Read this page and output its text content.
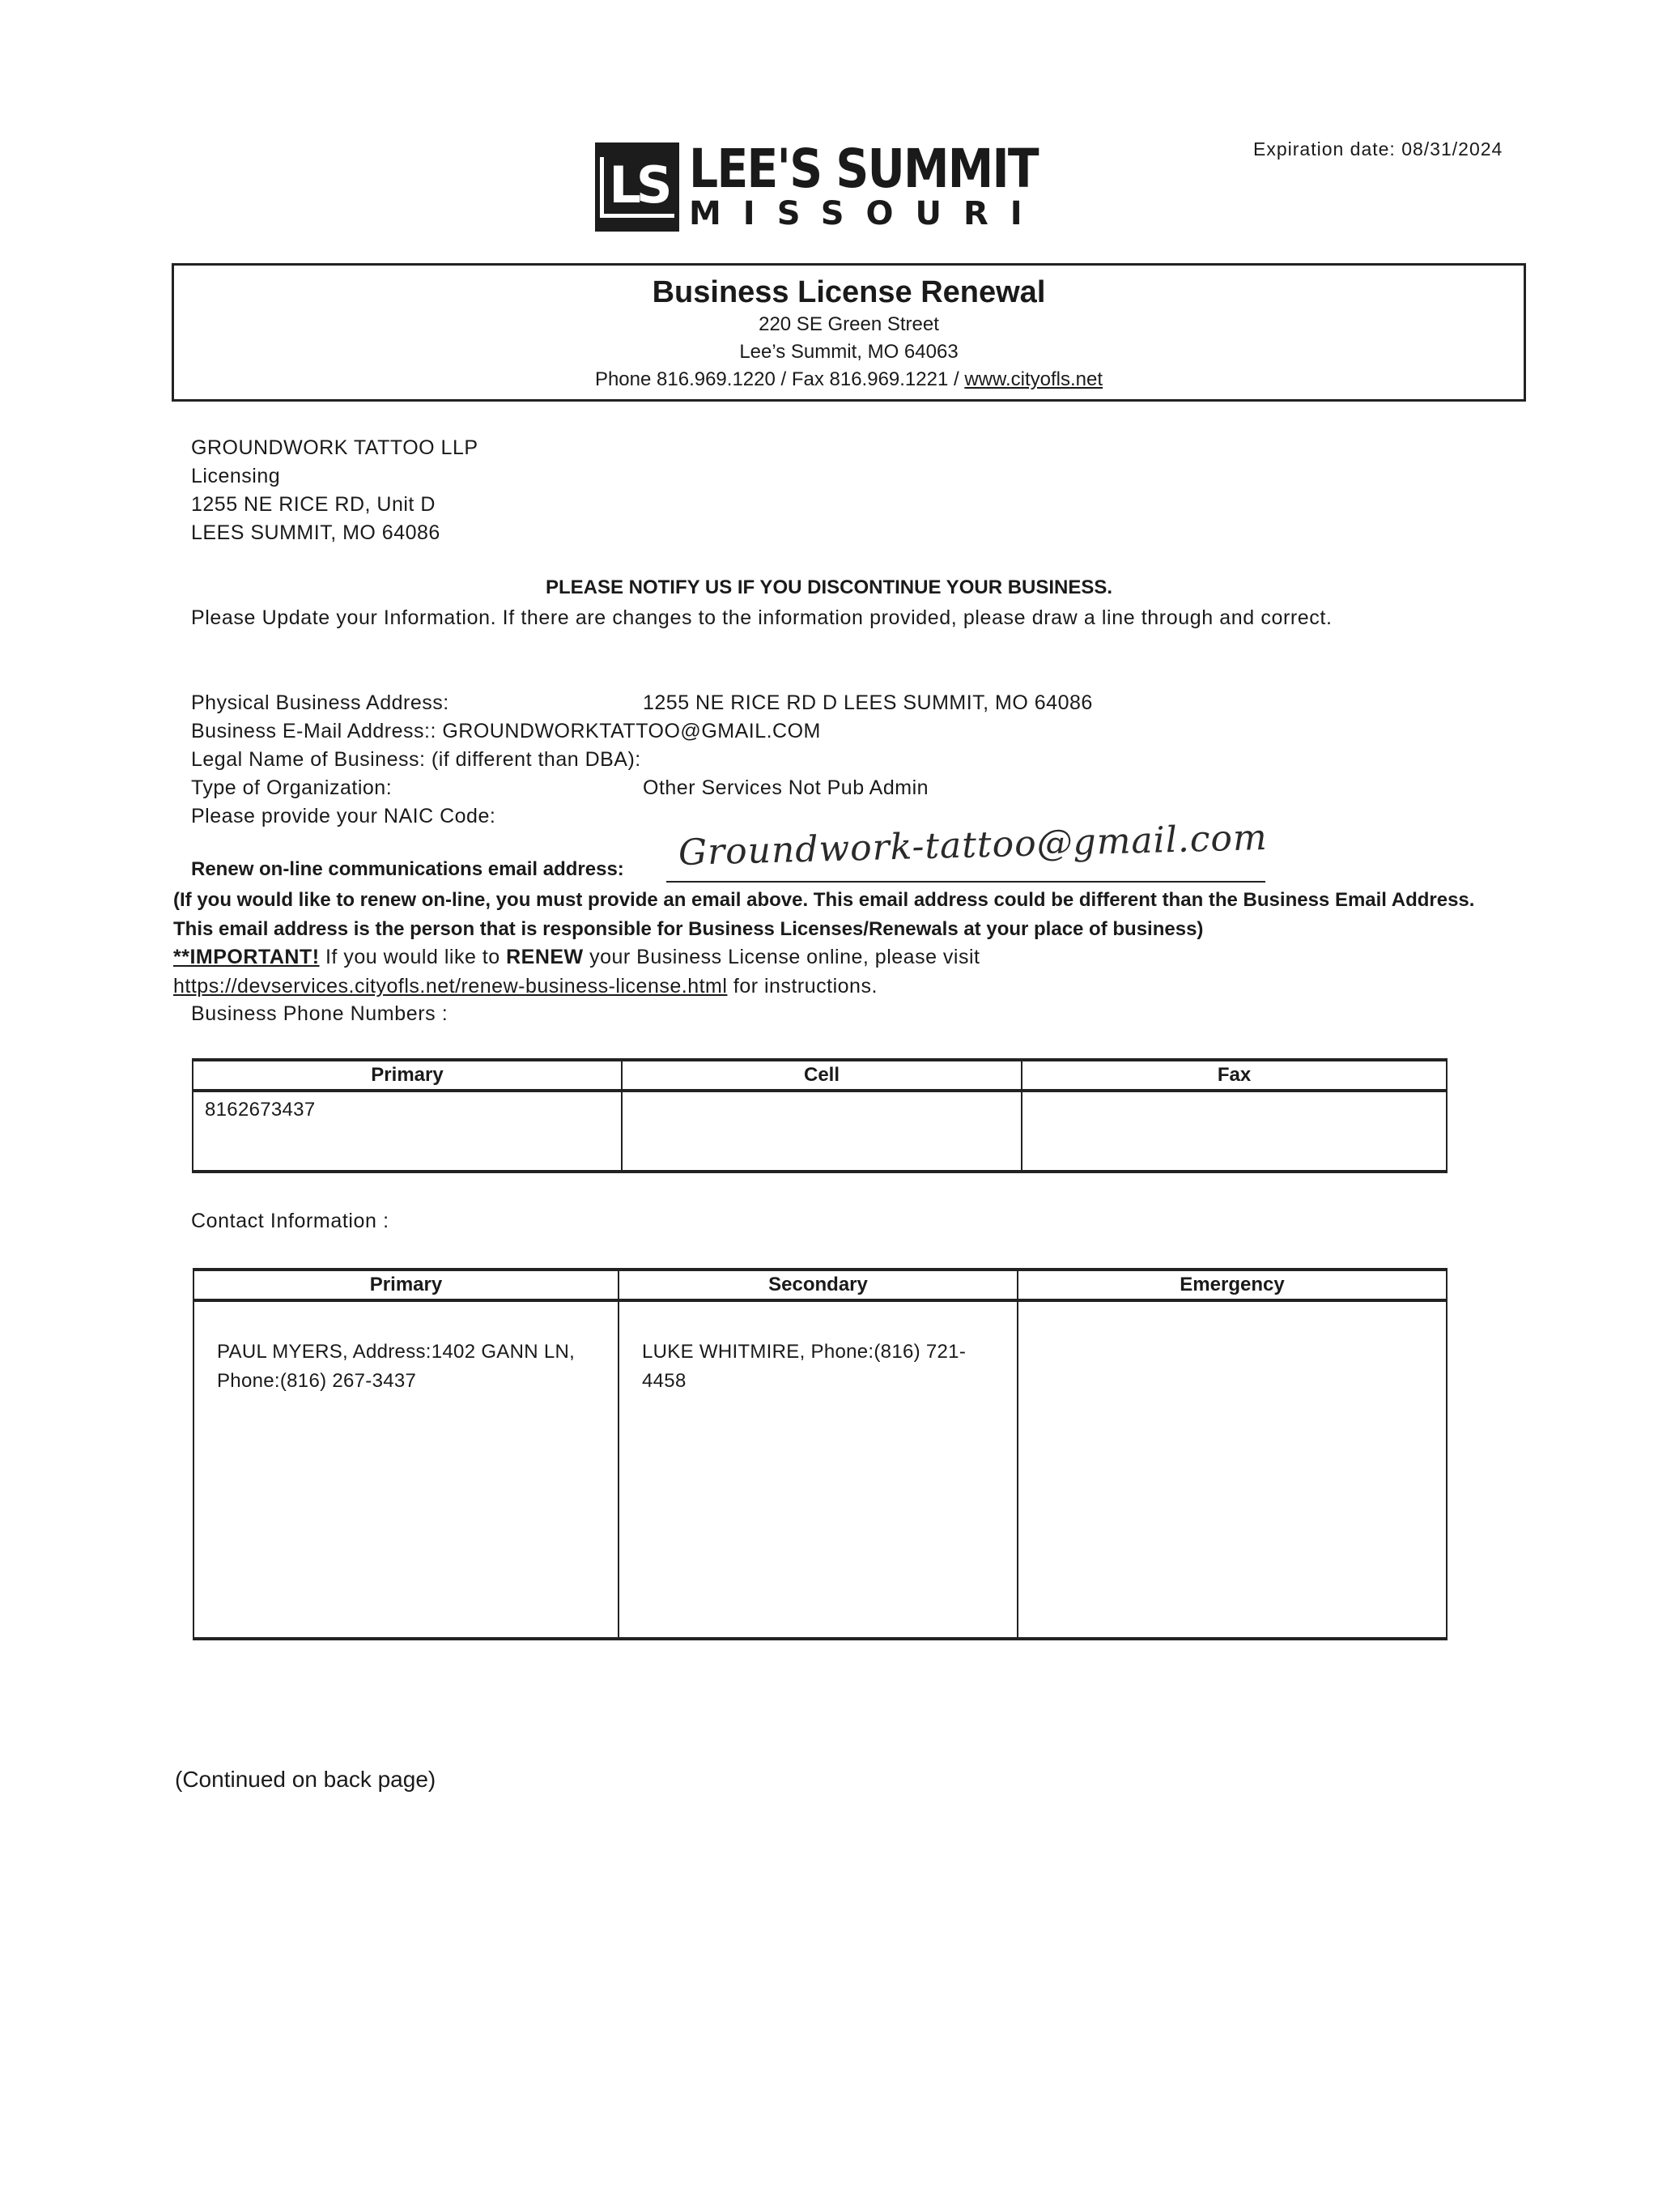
LS LEE'S SUMMIT
MISSOURI
Expiration date: 08/31/2024
Business License Renewal
220 SE Green Street
Lee’s Summit, MO 64063
Phone 816.969.1220 / Fax 816.969.1221 / www.cityofls.net
GROUNDWORK TATTOO LLP
Licensing
1255 NE RICE RD, Unit D
LEES SUMMIT, MO 64086
PLEASE NOTIFY US IF YOU DISCONTINUE YOUR BUSINESS.
Please Update your Information. If there are changes to the information provided, please draw a line through and correct.
Physical Business Address:	1255 NE RICE RD D LEES SUMMIT, MO 64086
Business E-Mail Address:: GROUNDWORKTATTOO@GMAIL.COM
Legal Name of Business: (if different than DBA):
Type of Organization:	Other Services Not Pub Admin
Please provide your NAIC Code:
Renew on-line communications email address: Groundwork-tattoo@gmail.com
(If you would like to renew on-line, you must provide an email above. This email address could be different than the Business Email Address. This email address is the person that is responsible for Business Licenses/Renewals at your place of business)
**IMPORTANT! If you would like to RENEW your Business License online, please visit
https://devservices.cityofls.net/renew-business-license.html for instructions.
Business Phone Numbers :
Primary	Cell	Fax
8162673437		
Contact Information :
Primary	Secondary	Emergency
PAUL MYERS, Address:1402 GANN LN, Phone:(816) 267-3437	LUKE WHITMIRE, Phone:(816) 721-4458	
(Continued on back page)
